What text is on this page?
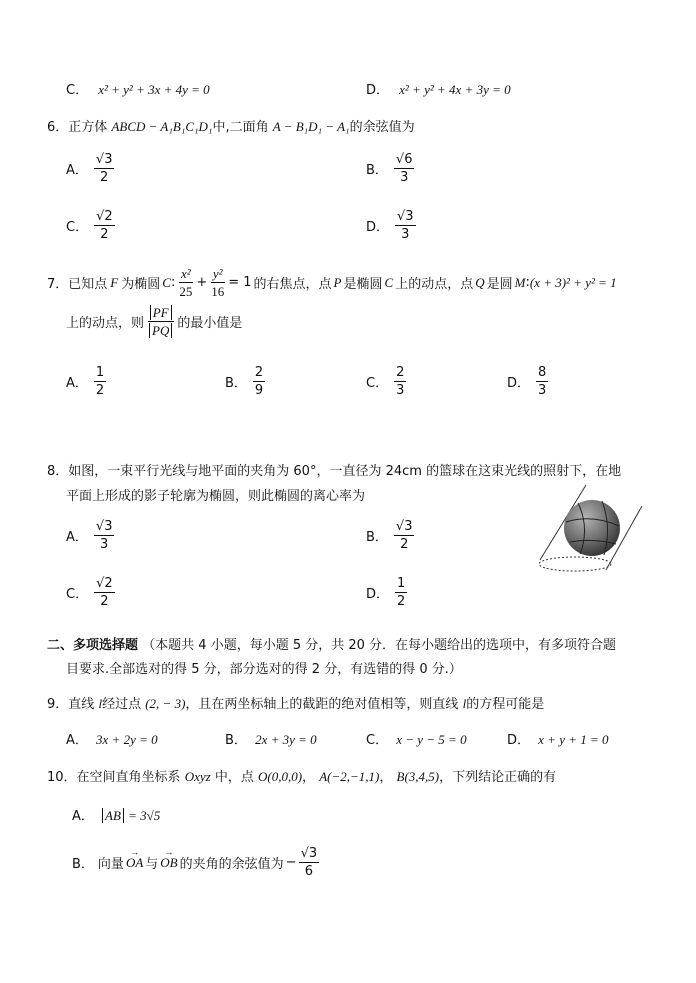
C． x² + y² + 3x + 4y = 0	D． x² + y² + 4x + 3y = 0
6．正方体 ABCD − A₁B₁C₁D₁中,二面角 A − B₁D₁ − A₁的余弦值为
A． $\frac{√3}{2}$	B． $\frac{√6}{3}$
C． $\frac{√2}{2}$	D． $\frac{√3}{3}$
7． 已知点 F 为椭圆 C : $\frac{\text{x²}}{25} + \frac{\text{y²}}{16} = 1$ 的右焦点，点 P 是椭圆 C 上的动点，点 Q 是圆 M : (x + 3)² + y² = 1
上的动点，则 $\frac{PF}{PQ}$ 的最小值是
A． $\frac{1}{2}$	B． $\frac{2}{9}$	C． $\frac{2}{3}$	D． $\frac{8}{3}$
8．如图，一束平行光线与地平面的夹角为 60°，一直径为 24cm 的篮球在这束光线的照射下，在地
平面上形成的影子轮廓为椭圆，则此椭圆的离心率为
A． $\frac{√3}{3}$	B． $\frac{√3}{2}$
C． $\frac{√2}{2}$	D． $\frac{1}{2}$
二、多项选择题 （本题共 4 小题，每小题 5 分，共 20 分．在每小题给出的选项中，有多项符合题
目要求.全部选对的得 5 分，部分选对的得 2 分，有选错的得 0 分.）
9．直线 l经过点 (2, − 3)，且在两坐标轴上的截距的绝对值相等，则直线 l的方程可能是
A． 3x + 2y = 0	B． 2x + 3y = 0	C． x − y − 5 = 0	D． x + y + 1 = 0
10．在空间直角坐标系 Oxyz 中，点 O(0,0,0)， A(−2,−1,1)， B(3,4,5)，下列结论正确的有
A． AB = 3√5
B． 向量
→
OA 与
→
OB 的夹角的余弦值为 − $\frac{√3}{6}$
